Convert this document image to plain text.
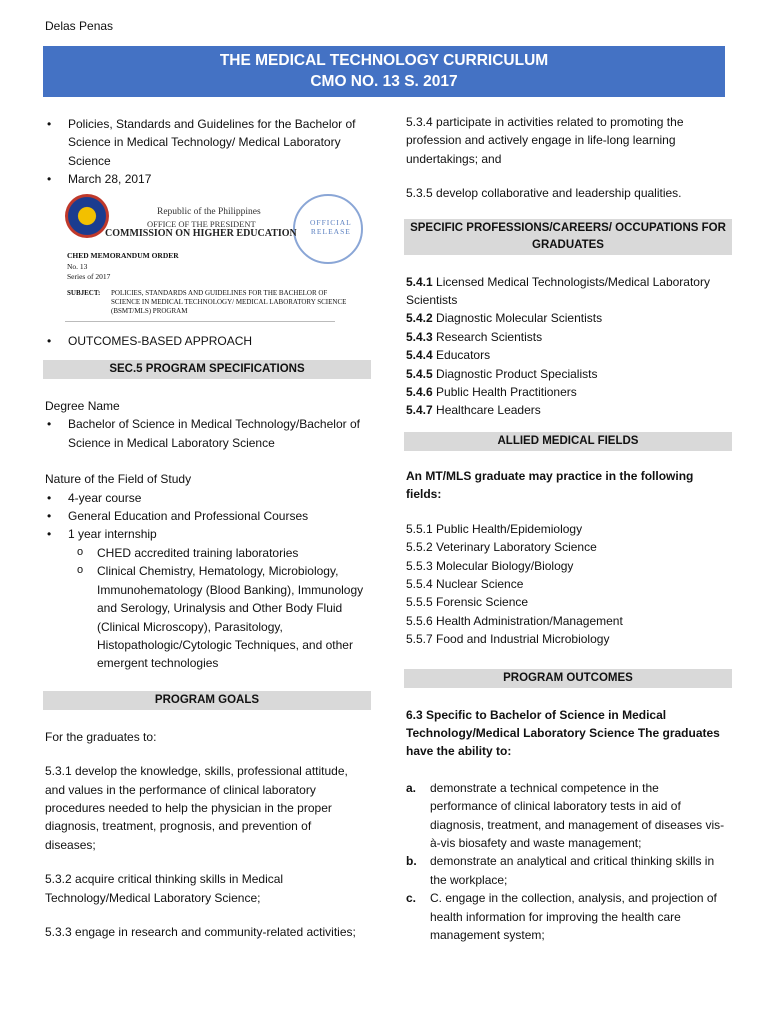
Delas Penas
THE MEDICAL TECHNOLOGY CURRICULUM
CMO NO. 13 S. 2017
• Policies, Standards and Guidelines for the Bachelor of Science in Medical Technology/ Medical Laboratory Science
• March 28, 2017
Republic of the Philippines
OFFICE OF THE PRESIDENT
COMMISSION ON HIGHER EDUCATION
OFFICIAL
RELEASE
CHED MEMORANDUM ORDER
No. 13
Series of 2017
SUBJECT: POLICIES, STANDARDS AND GUIDELINES FOR THE BACHELOR OF SCIENCE IN MEDICAL TECHNOLOGY/ MEDICAL LABORATORY SCIENCE (BSMT/MLS) PROGRAM
• OUTCOMES-BASED APPROACH
SEC.5 PROGRAM SPECIFICATIONS
Degree Name
• Bachelor of Science in Medical Technology/Bachelor of Science in Medical Laboratory Science
Nature of the Field of Study
• 4-year course
• General Education and Professional Courses
• 1 year internship
o CHED accredited training laboratories
o Clinical Chemistry, Hematology, Microbiology, Immunohematology (Blood Banking), Immunology and Serology, Urinalysis and Other Body Fluid (Clinical Microscopy), Parasitology, Histopathologic/Cytologic Techniques, and other emergent technologies
PROGRAM GOALS
For the graduates to:
5.3.1 develop the knowledge, skills, professional attitude, and values in the performance of clinical laboratory procedures needed to help the physician in the proper diagnosis, treatment, prognosis, and prevention of diseases;
5.3.2 acquire critical thinking skills in Medical Technology/Medical Laboratory Science;
5.3.3 engage in research and community-related activities;
5.3.4 participate in activities related to promoting the profession and actively engage in life-long learning undertakings; and
5.3.5 develop collaborative and leadership qualities.
SPECIFIC PROFESSIONS/CAREERS/ OCCUPATIONS FOR GRADUATES
5.4.1 Licensed Medical Technologists/Medical Laboratory Scientists
5.4.2 Diagnostic Molecular Scientists
5.4.3 Research Scientists
5.4.4 Educators
5.4.5 Diagnostic Product Specialists
5.4.6 Public Health Practitioners
5.4.7 Healthcare Leaders
ALLIED MEDICAL FIELDS
An MT/MLS graduate may practice in the following fields:
5.5.1 Public Health/Epidemiology
5.5.2 Veterinary Laboratory Science
5.5.3 Molecular Biology/Biology
5.5.4 Nuclear Science
5.5.5 Forensic Science
5.5.6 Health Administration/Management
5.5.7 Food and Industrial Microbiology
PROGRAM OUTCOMES
6.3 Specific to Bachelor of Science in Medical Technology/Medical Laboratory Science The graduates have the ability to:
a. demonstrate a technical competence in the performance of clinical laboratory tests in aid of diagnosis, treatment, and management of diseases vis-à-vis biosafety and waste management;
b. demonstrate an analytical and critical thinking skills in the workplace;
c. C. engage in the collection, analysis, and projection of health information for improving the health care management system;
